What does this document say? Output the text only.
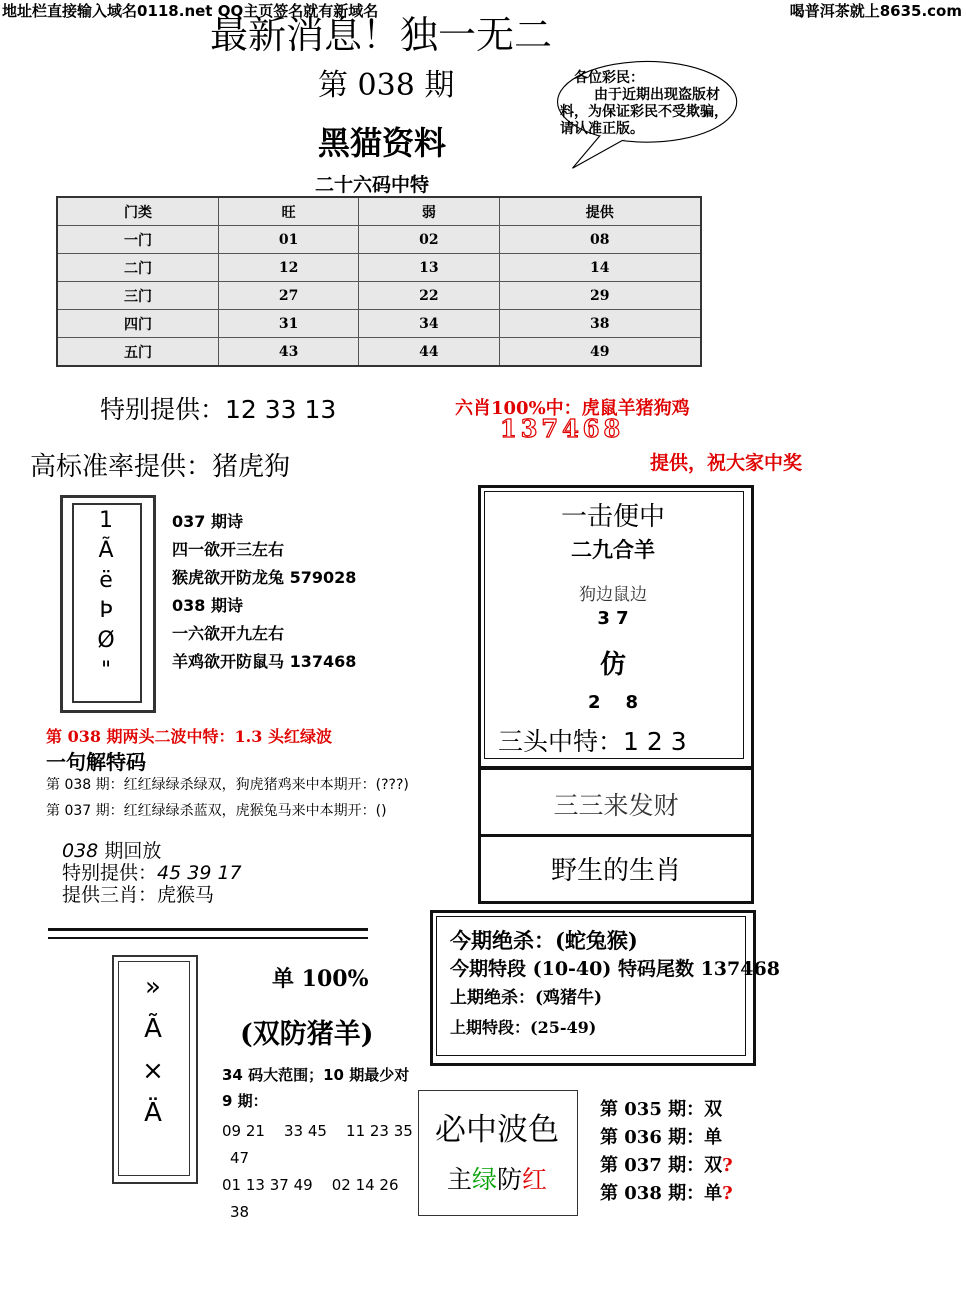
地址栏直接输入域名0118.net QQ主页签名就有新域名	喝普洱茶就上8635.com
最新消息！独一无二
第 038 期
黑猫资料
二十六码中特
各位彩民：
由于近期出现盗版材料，为保证彩民不受欺骗，请认准正版。
门类	旺	弱	提供
一门	01	02	08
二门	12	13	14
三门	27	22	29
四门	31	34	38
五门	43	44	49
特别提供：12 33 13	六肖100%中：虎鼠羊猪狗鸡
137468
高标准率提供：猪虎狗	提供，祝大家中奖
1
Ã
ë
Þ
Ø
"
037 期诗
四一欲开三左右
猴虎欲开防龙兔 579028
038 期诗
一六欲开九左右
羊鸡欲开防鼠马 137468
第 038 期两头二波中特：1.3 头红绿波
一句解特码
第 038 期：红红绿绿杀绿双，狗虎猪鸡来中本期开：(???)
第 037 期：红红绿绿杀蓝双，虎猴兔马来中本期开：()
038 期回放
特别提供：45 39 17
提供三肖：虎猴马
一击便中
二九合羊
狗边鼠边
3 7
仿
2    8
三头中特：1 2 3
三三来发财
野生的生肖
今期绝杀：(蛇兔猴)
今期特段 (10-40) 特码尾数 137468
上期绝杀：(鸡猪牛)
上期特段：(25-49)
»
Ã
×
Ä
单 100%
(双防猪羊)
34 码大范围；10 期最少对
9 期：
09 21    33 45    11 23 35
47
01 13 37 49    02 14 26
38
必中波色
主绿防红
第 035 期：双
第 036 期：单
第 037 期：双?
第 038 期：单?
